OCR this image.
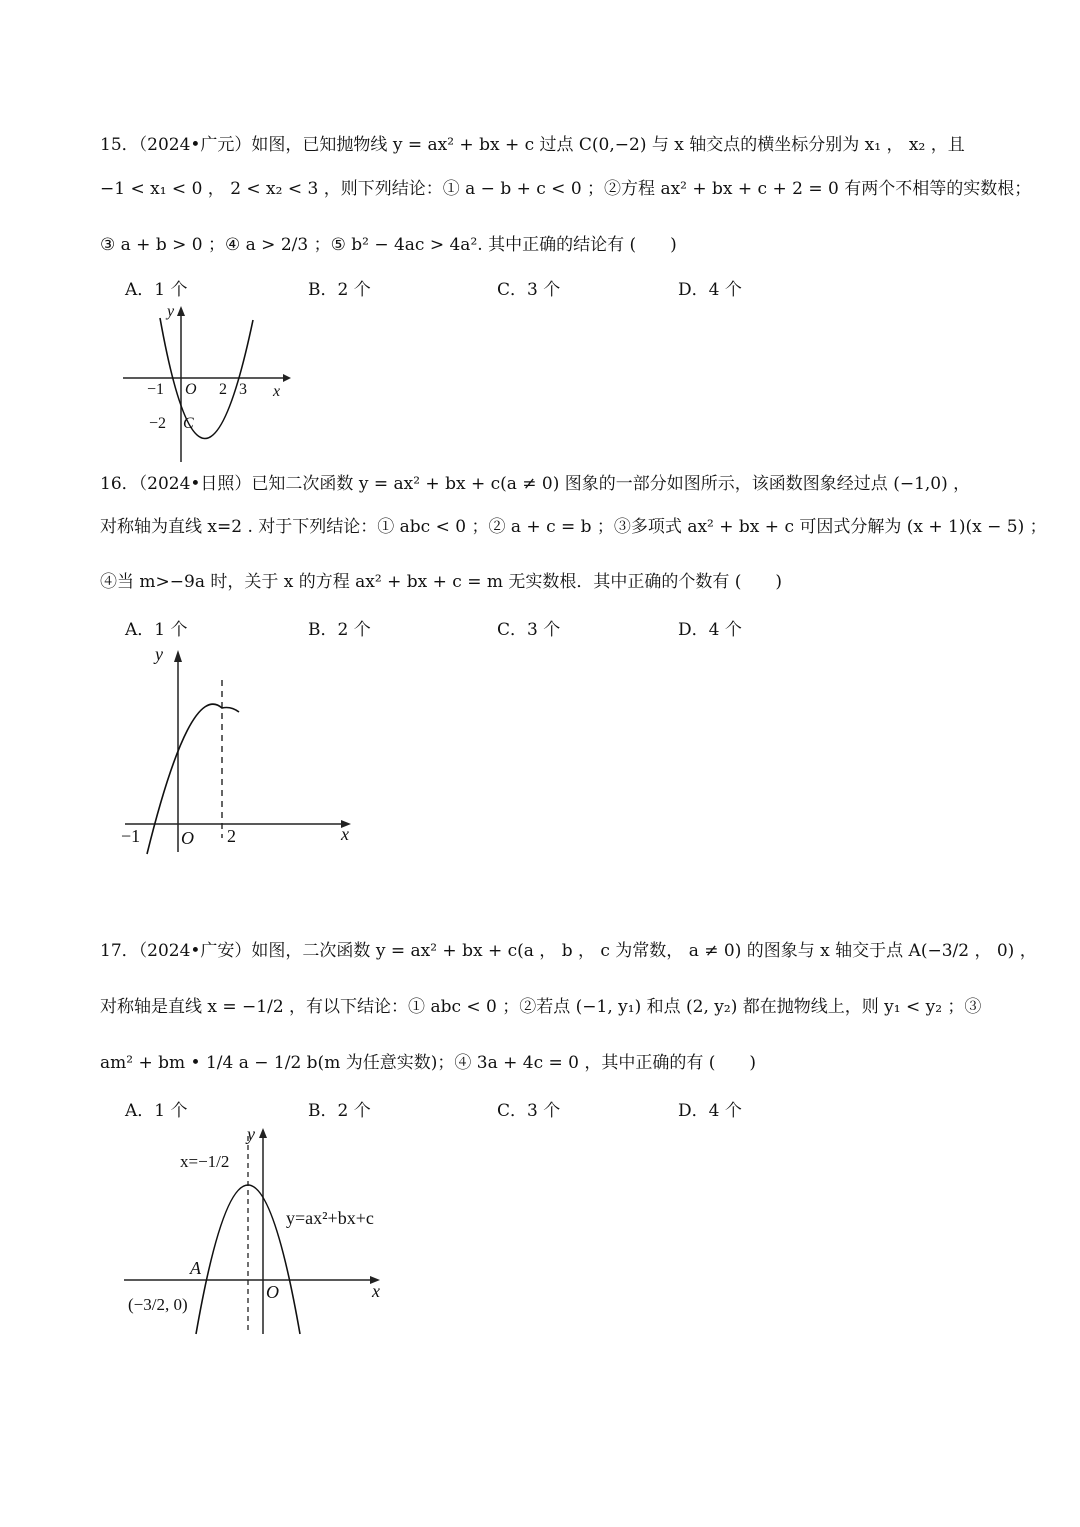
15．（2024•广元）如图，已知抛物线 y = ax² + bx + c 过点 C(0,−2) 与 x 轴交点的横坐标分别为 x₁ ， x₂ ，且
−1 < x₁ < 0 ， 2 < x₂ < 3 ，则下列结论：① a − b + c < 0 ；②方程 ax² + bx + c + 2 = 0 有两个不相等的实数根；
③ a + b > 0 ；④ a > 2/3 ；⑤ b² − 4ac > 4a². 其中正确的结论有 (　　)
A．1 个	B．2 个	C．3 个	D．4 个
y
x
−1 O 2 3
−2 C
16．（2024•日照）已知二次函数 y = ax² + bx + c(a ≠ 0) 图象的一部分如图所示，该函数图象经过点 (−1,0) ，
对称轴为直线 x=2 . 对于下列结论：① abc < 0 ；② a + c = b ；③多项式 ax² + bx + c 可因式分解为 (x + 1)(x − 5) ；
④当 m>−9a 时，关于 x 的方程 ax² + bx + c = m 无实数根．其中正确的个数有 (　　)
A．1 个	B．2 个	C．3 个	D．4 个
y
x
−1 O 2
17．（2024•广安）如图，二次函数 y = ax² + bx + c(a ， b ， c 为常数， a ≠ 0) 的图象与 x 轴交于点 A(−3/2 ， 0) ，
对称轴是直线 x = −1/2 ，有以下结论：① abc < 0 ；②若点 (−1, y₁) 和点 (2, y₂) 都在抛物线上，则 y₁ < y₂ ；③
am² + bm • 1/4 a − 1/2 b(m 为任意实数)；④ 3a + 4c = 0 ，其中正确的有 (　　)
A．1 个	B．2 个	C．3 个	D．4 个
x=−1/2
y=ax²+bx+c
y
x
A
(−3/2, 0)
O
